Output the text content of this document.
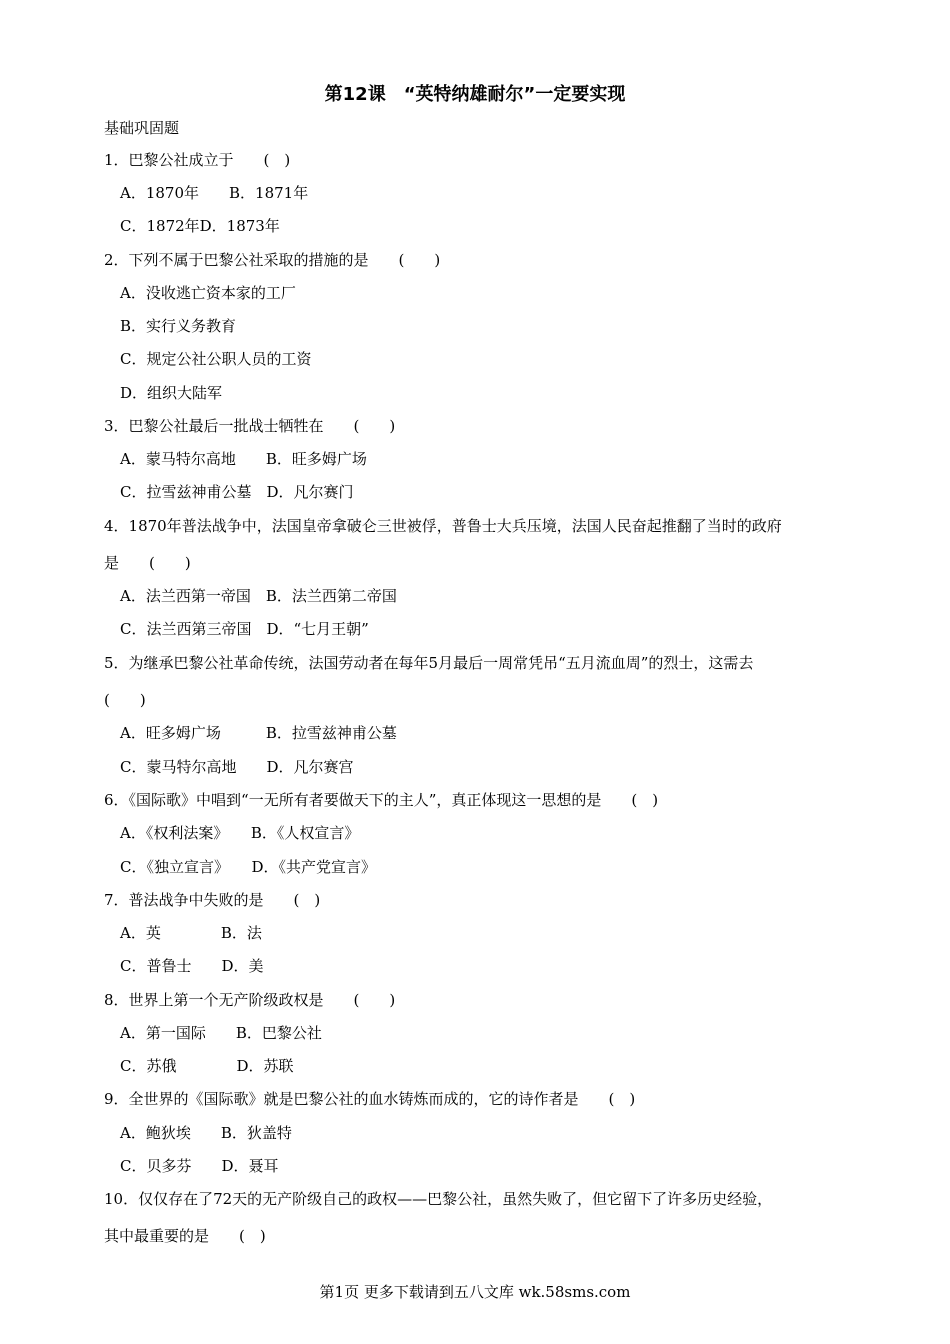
第12课　“英特纳雄耐尔”一定要实现
基础巩固题
1．巴黎公社成立于　　(　)
A．1870年　　B．1871年
C．1872年D．1873年
2．下列不属于巴黎公社采取的措施的是　　(　　)
A．没收逃亡资本家的工厂
B．实行义务教育
C．规定公社公职人员的工资
D．组织大陆军
3．巴黎公社最后一批战士牺牲在　　(　　)
A．蒙马特尔高地　　B．旺多姆广场
C．拉雪兹神甫公墓　D．凡尔赛门
4．1870年普法战争中，法国皇帝拿破仑三世被俘，普鲁士大兵压境，法国人民奋起推翻了当时的政府
是　　(　　)
A．法兰西第一帝国　B．法兰西第二帝国
C．法兰西第三帝国　D．“七月王朝”
5．为继承巴黎公社革命传统，法国劳动者在每年5月最后一周常凭吊“五月流血周”的烈士，这需去
(　　)
A．旺多姆广场　　　B．拉雪兹神甫公墓
C．蒙马特尔高地　　D．凡尔赛宫
6．《国际歌》中唱到“一无所有者要做天下的主人”，真正体现这一思想的是　　(　)
A．《权利法案》　　B．《人权宣言》
C．《独立宣言》　　D．《共产党宣言》
7．普法战争中失败的是　　(　)
A．英　　　　B．法
C．普鲁士　　D．美
8．世界上第一个无产阶级政权是　　(　　)
A．第一国际　　B．巴黎公社
C．苏俄　　　　D．苏联
9．全世界的《国际歌》就是巴黎公社的血水铸炼而成的，它的诗作者是　　(　)
A．鲍狄埃　　B．狄盖特
C．贝多芬　　D．聂耳
10．仅仅存在了72天的无产阶级自己的政权——巴黎公社，虽然失败了，但它留下了许多历史经验，
其中最重要的是　　(　)
第1页 更多下载请到五八文库 wk.58sms.com
